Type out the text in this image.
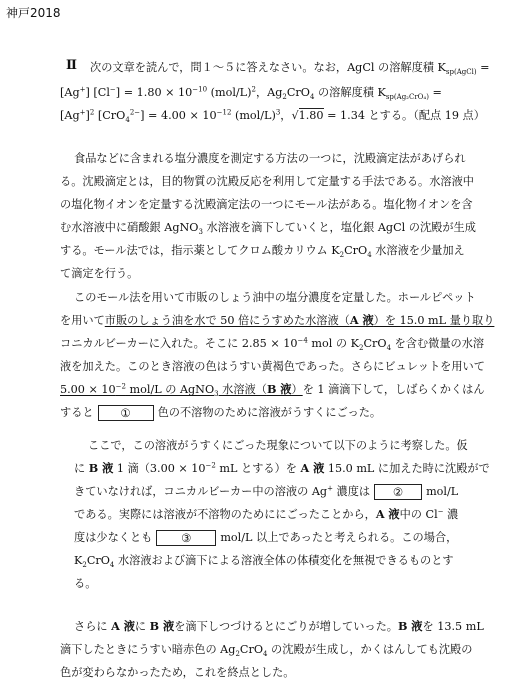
神戸2018
Ⅱ 次の文章を読んで，問１～５に答えなさい。なお，AgCl の溶解度積 $K_{sp(AgCl)}$ =
[Ag+] $[Cl^-] = 1.80 \times 10^{-10}$ $(mol/L)^2$，$Ag_2CrO_4$ の溶解度積 $K_{sp(Ag_2CrO_4)}$ =
$[Ag^+]^2$ $[CrO_4^{2-}] = 4.00 \times 10^{-12}$ $(mol/L)^3$，√1.80 = 1.34 とする。（配点 19 点）
食品などに含まれる塩分濃度を測定する方法の一つに，沈殿滴定法があげられ
る。沈殿滴定とは，目的物質の沈殿反応を利用して定量する手法である。水溶液中
の塩化物イオンを定量する沈殿滴定法の一つにモール法がある。塩化物イオンを含
む水溶液中に硝酸銀 AgNO$_3$ 水溶液を滴下していくと，塩化銀 AgCl の沈殿が生成
する。モール法では，指示薬としてクロム酸カリウム $K_2CrO_4$ 水溶液を少量加え
て滴定を行う。
このモール法を用いて市販のしょう油中の塩分濃度を定量した。ホールピペット
を用いて市販のしょう油を水で 50 倍にうすめた水溶液（A 液）を 15.0 mL 量り取り
コニカルビーカーに入れた。そこに $2.85 \times 10^{-4}$ mol の $K_2CrO_4$ を含む微量の水溶
液を加えた。このとき溶液の色はうすい黄褐色であった。さらにビュレットを用いて
$5.00 \times 10^{-2}$ mol/L の AgNO$_3$ 水溶液（B 液）を 1 滴滴下して，しばらくかくはん
すると ① 色の不溶物のために溶液がうすくにごった。
ここで，この溶液がうすくにごった現象について以下のように考察した。仮
に B 液 1 滴（$3.00 \times 10^{-2}$ mL とする）を A 液 15.0 mL に加えた時に沈殿がで
きていなければ，コニカルビーカー中の溶液の Ag+ 濃度は ② mol/L
である。実際には溶液が不溶物のためににごったことから，A 液中の Cl− 濃
度は少なくとも	③	mol/L 以上であったと考えられる。この場合，
$K_2CrO_4$ 水溶液および滴下による溶液全体の体積変化を無視できるものとす
る。
さらに A 液に B 液を滴下しつづけるとにごりが増していった。B 液を 13.5 mL
滴下したときにうすい暗赤色の $Ag_2CrO_4$ の沈殿が生成し，かくはんしても沈殿の
色が変わらなかったため，これを終点とした。
